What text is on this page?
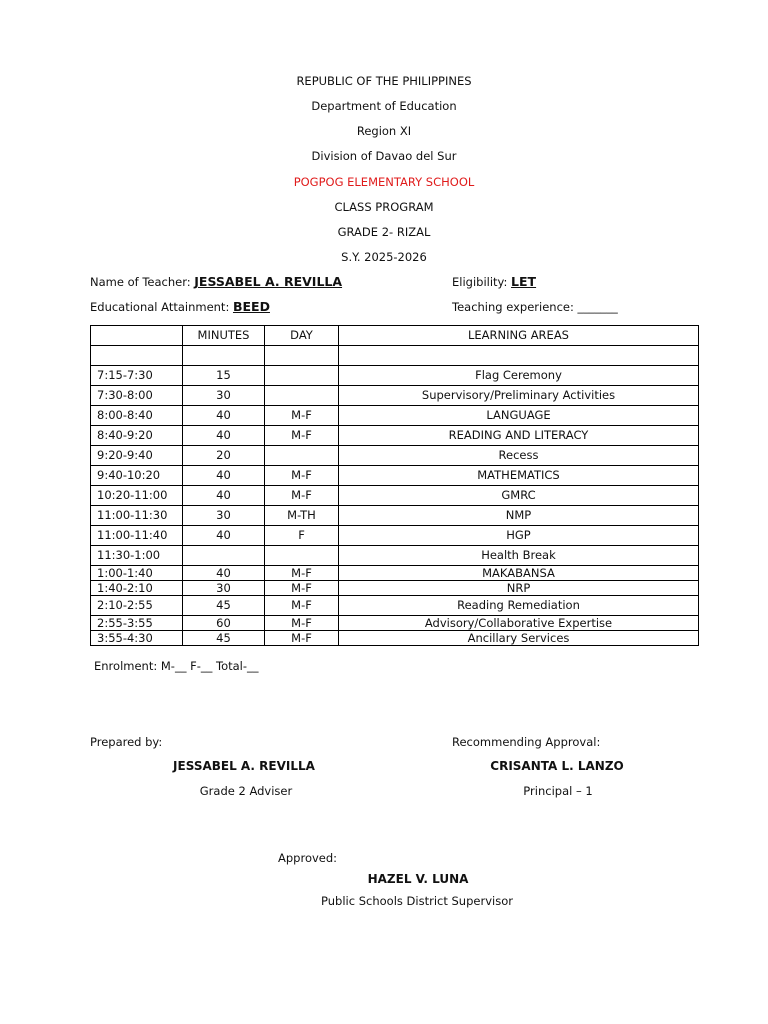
REPUBLIC OF THE PHILIPPINES
Department of Education
Region XI
Division of Davao del Sur
POGPOG ELEMENTARY SCHOOL
CLASS PROGRAM
GRADE 2- RIZAL
S.Y. 2025-2026
Name of Teacher: JESSABEL A. REVILLA	Eligibility: LET
Educational Attainment: BEED	Teaching experience: _______
	MINUTES	DAY	LEARNING AREAS

7:15-7:30	15		Flag Ceremony
7:30-8:00	30		Supervisory/Preliminary Activities
8:00-8:40	40	M-F	LANGUAGE
8:40-9:20	40	M-F	READING AND LITERACY
9:20-9:40	20		Recess
9:40-10:20	40	M-F	MATHEMATICS
10:20-11:00	40	M-F	GMRC
11:00-11:30	30	M-TH	NMP
11:00-11:40	40	F	HGP
11:30-1:00			Health Break
1:00-1:40	40	M-F	MAKABANSA
1:40-2:10	30	M-F	NRP
2:10-2:55	45	M-F	Reading Remediation
2:55-3:55	60	M-F	Advisory/Collaborative Expertise
3:55-4:30	45	M-F	Ancillary Services
Enrolment: M-__ F-__ Total-__
Prepared by:
JESSABEL A. REVILLA
Grade 2 Adviser
Recommending Approval:
CRISANTA L. LANZO
Principal – 1
Approved:
HAZEL V. LUNA
Public Schools District Supervisor
